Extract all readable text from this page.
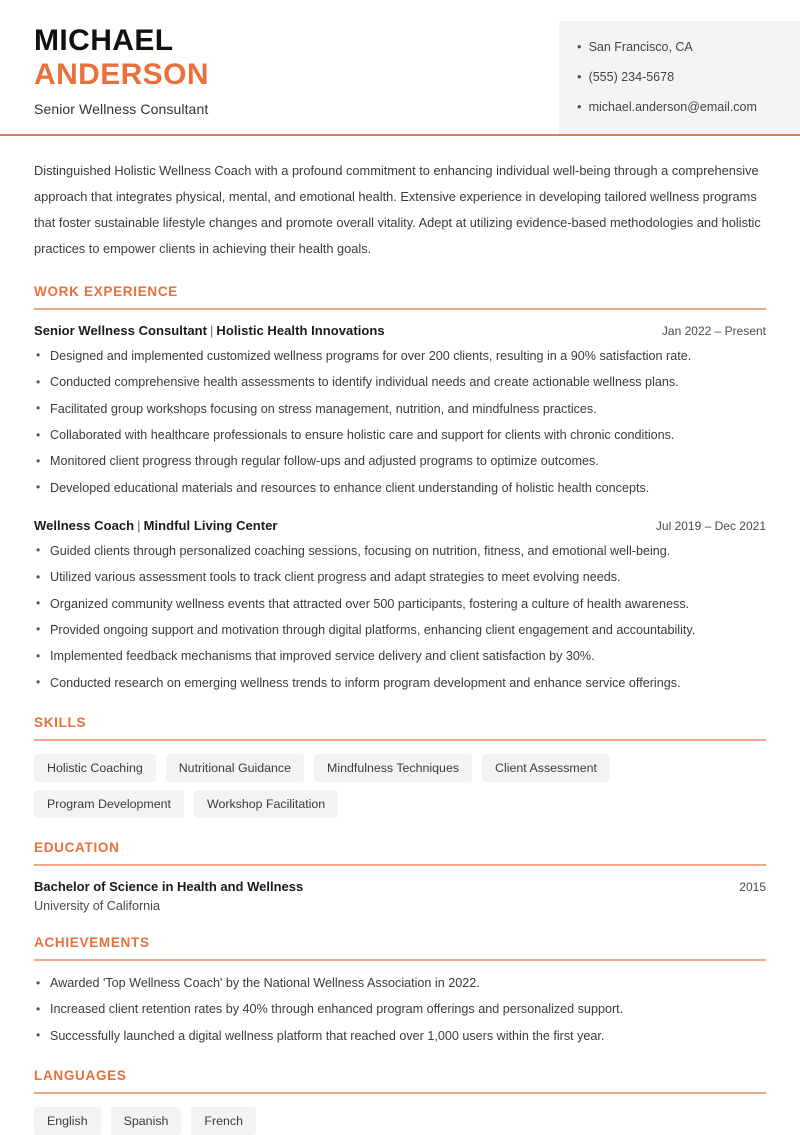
MICHAEL
ANDERSON
Senior Wellness Consultant
• San Francisco, CA
• (555) 234-5678
• michael.anderson@email.com
Distinguished Holistic Wellness Coach with a profound commitment to enhancing individual well-being through a comprehensive approach that integrates physical, mental, and emotional health. Extensive experience in developing tailored wellness programs that foster sustainable lifestyle changes and promote overall vitality. Adept at utilizing evidence-based methodologies and holistic practices to empower clients in achieving their health goals.
WORK EXPERIENCE
Senior Wellness Consultant | Holistic Health Innovations	Jan 2022 – Present
• Designed and implemented customized wellness programs for over 200 clients, resulting in a 90% satisfaction rate.
• Conducted comprehensive health assessments to identify individual needs and create actionable wellness plans.
• Facilitated group workshops focusing on stress management, nutrition, and mindfulness practices.
• Collaborated with healthcare professionals to ensure holistic care and support for clients with chronic conditions.
• Monitored client progress through regular follow-ups and adjusted programs to optimize outcomes.
• Developed educational materials and resources to enhance client understanding of holistic health concepts.
Wellness Coach | Mindful Living Center	Jul 2019 – Dec 2021
• Guided clients through personalized coaching sessions, focusing on nutrition, fitness, and emotional well-being.
• Utilized various assessment tools to track client progress and adapt strategies to meet evolving needs.
• Organized community wellness events that attracted over 500 participants, fostering a culture of health awareness.
• Provided ongoing support and motivation through digital platforms, enhancing client engagement and accountability.
• Implemented feedback mechanisms that improved service delivery and client satisfaction by 30%.
• Conducted research on emerging wellness trends to inform program development and enhance service offerings.
SKILLS
Holistic Coaching	Nutritional Guidance	Mindfulness Techniques	Client Assessment
Program Development	Workshop Facilitation
EDUCATION
Bachelor of Science in Health and Wellness	2015
University of California
ACHIEVEMENTS
• Awarded 'Top Wellness Coach' by the National Wellness Association in 2022.
• Increased client retention rates by 40% through enhanced program offerings and personalized support.
• Successfully launched a digital wellness platform that reached over 1,000 users within the first year.
LANGUAGES
English	Spanish	French
